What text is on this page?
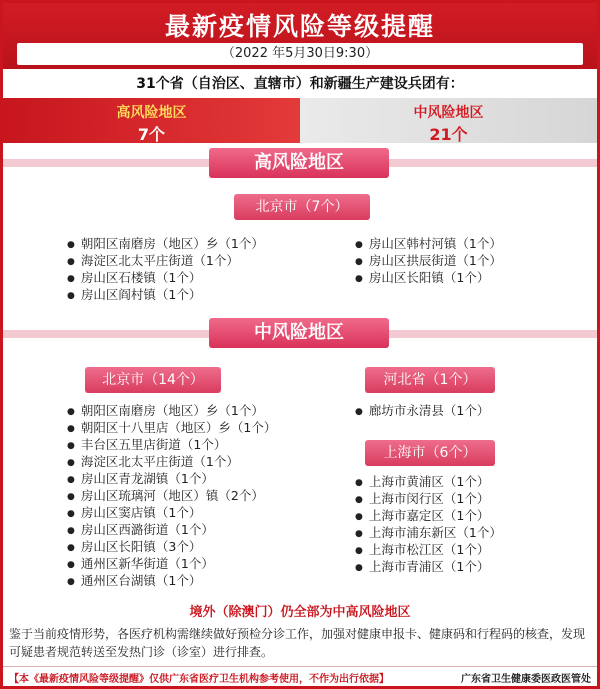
最新疫情风险等级提醒
（2022 年5月30日9:30）
31个省（自治区、直辖市）和新疆生产建设兵团有：
高风险地区
7个
中风险地区
21个
高风险地区
北京市（7个）
● 朝阳区南磨房（地区）乡（1个）
● 海淀区北太平庄街道（1个）
● 房山区石楼镇（1个）
● 房山区阎村镇（1个）
● 房山区韩村河镇（1个）
● 房山区拱辰街道（1个）
● 房山区长阳镇（1个）
中风险地区
北京市（14个）
● 朝阳区南磨房（地区）乡（1个）
● 朝阳区十八里店（地区）乡（1个）
● 丰台区五里店街道（1个）
● 海淀区北太平庄街道（1个）
● 房山区青龙湖镇（1个）
● 房山区琉璃河（地区）镇（2个）
● 房山区窦店镇（1个）
● 房山区西潞街道（1个）
● 房山区长阳镇（3个）
● 通州区新华街道（1个）
● 通州区台湖镇（1个）
河北省（1个）
● 廊坊市永清县（1个）
上海市（6个）
● 上海市黄浦区（1个）
● 上海市闵行区（1个）
● 上海市嘉定区（1个）
● 上海市浦东新区（1个）
● 上海市松江区（1个）
● 上海市青浦区（1个）
境外（除澳门）仍全部为中高风险地区
鉴于当前疫情形势，各医疗机构需继续做好预检分诊工作，加强对健康申报卡、健康码和行程码的核查，发现可疑患者规范转送至发热门诊（诊室）进行排查。
【本《最新疫情风险等级提醒》仅供广东省医疗卫生机构参考使用，不作为出行依据】	广东省卫生健康委医政医管处
